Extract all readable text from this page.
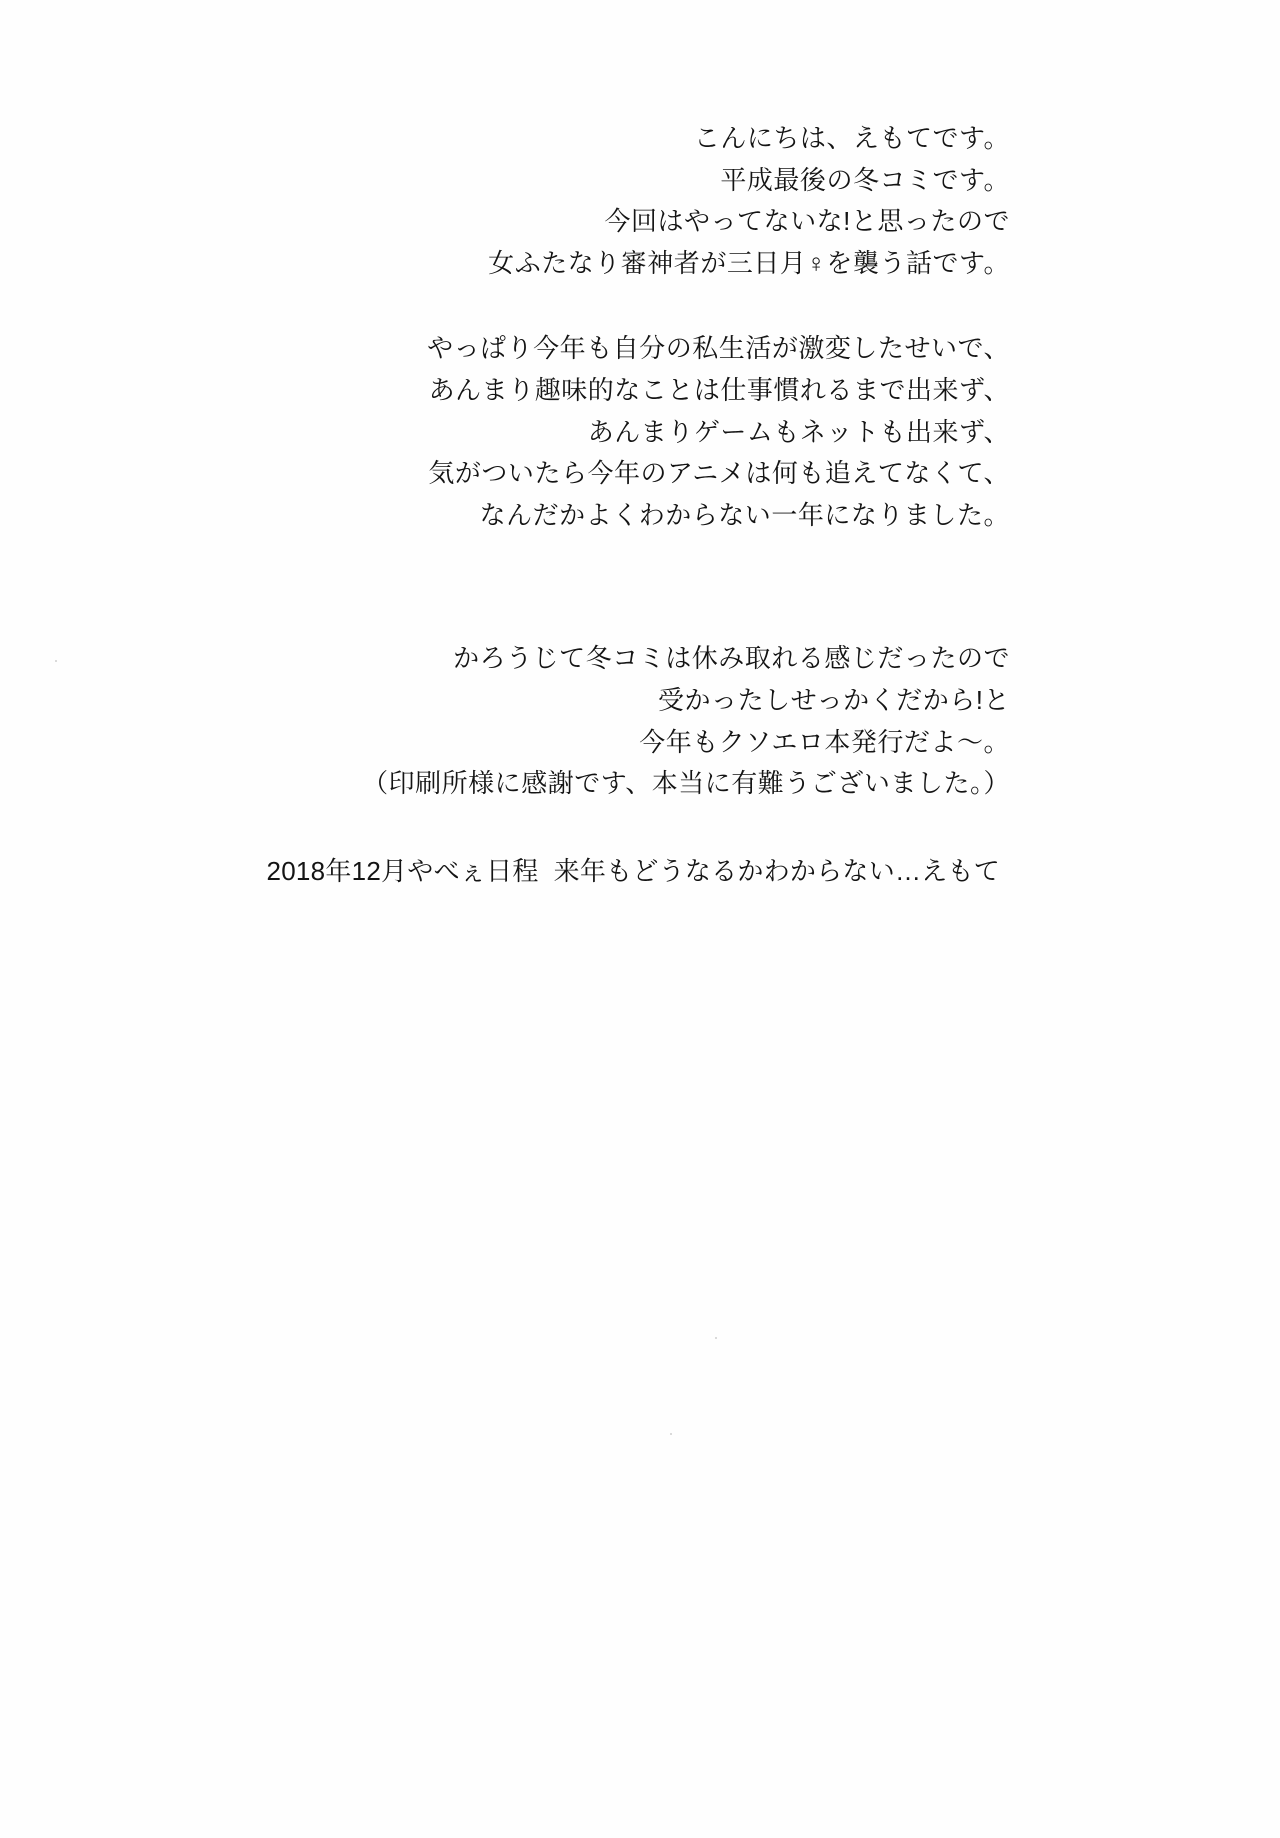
こんにちは、えもてです。
平成最後の冬コミです。
今回はやってないな!と思ったので
女ふたなり審神者が三日月♀を襲う話です。
やっぱり今年も自分の私生活が激変したせいで、
あんまり趣味的なことは仕事慣れるまで出来ず、
あんまりゲームもネットも出来ず、
気がついたら今年のアニメは何も追えてなくて、
なんだかよくわからない一年になりました。
かろうじて冬コミは休み取れる感じだったので
受かったしせっかくだから!と
今年もクソエロ本発行だよ〜。
（印刷所様に感謝です、本当に有難うございました。）
2018年12月やべぇ日程  来年もどうなるかわからない…えもて
